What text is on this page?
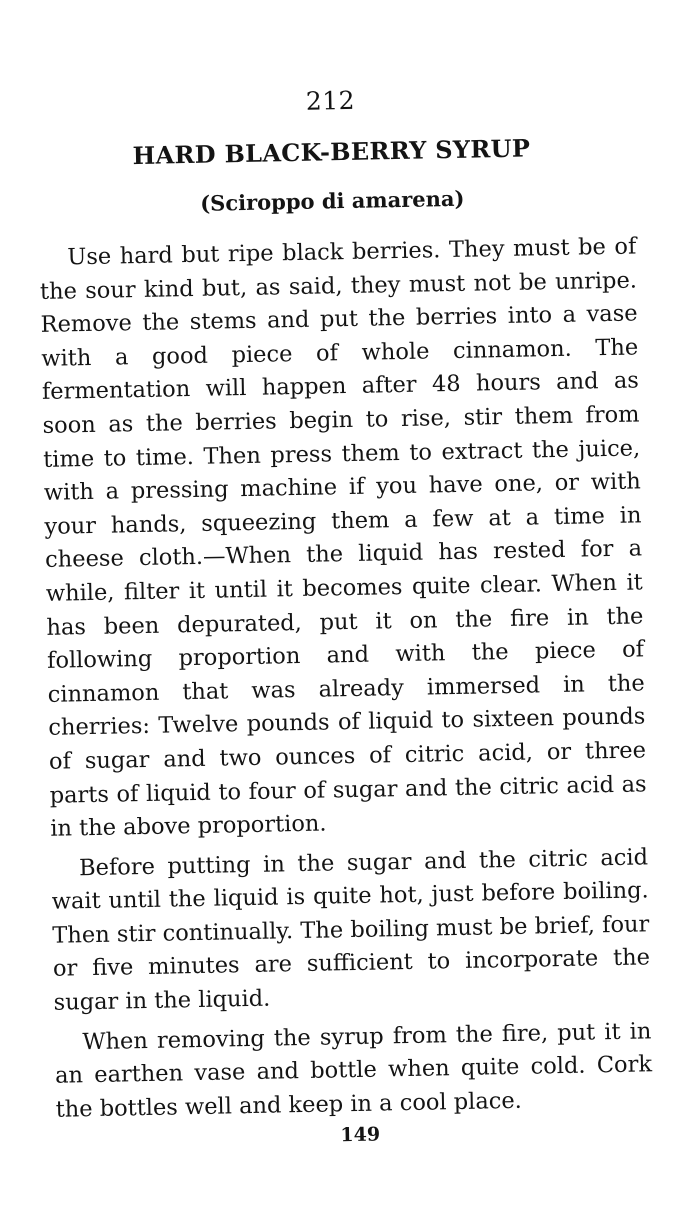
212
HARD BLACK-BERRY SYRUP
(Sciroppo di amarena)

Use hard but ripe black berries. They must be of the sour kind but, as said, they must not be unripe. Remove the stems and put the berries into a vase with a good piece of whole cinnamon. The fermentation will happen after 48 hours and as soon as the berries begin to rise, stir them from time to time. Then press them to extract the juice, with a pressing machine if you have one, or with your hands, squeezing them a few at a time in cheese cloth.—When the liquid has rested for a while, filter it until it becomes quite clear. When it has been depurated, put it on the fire in the following proportion and with the piece of cinnamon that was already immersed in the cherries: Twelve pounds of liquid to sixteen pounds of sugar and two ounces of citric acid, or three parts of liquid to four of sugar and the citric acid as in the above proportion.

Before putting in the sugar and the citric acid wait until the liquid is quite hot, just before boiling. Then stir continually. The boiling must be brief, four or five minutes are sufficient to incorporate the sugar in the liquid.

When removing the syrup from the fire, put it in an earthen vase and bottle when quite cold. Cork the bottles well and keep in a cool place.

149
